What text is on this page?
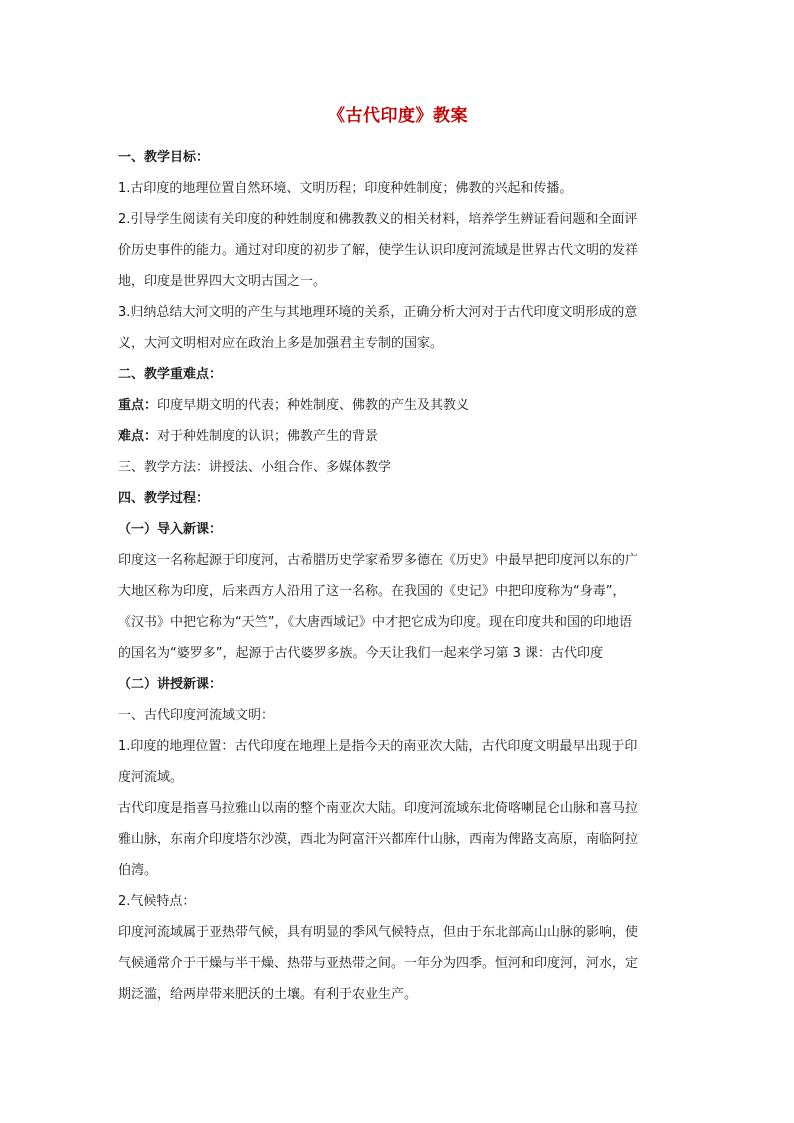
《古代印度》教案

一、教学目标：

1.古印度的地理位置自然环境、文明历程；印度种姓制度；佛教的兴起和传播。

2.引导学生阅读有关印度的种姓制度和佛教教义的相关材料，培养学生辨证看问题和全面评

价历史事件的能力。通过对印度的初步了解，使学生认识印度河流域是世界古代文明的发祥

地，印度是世界四大文明古国之一。

3.归纳总结大河文明的产生与其地理环境的关系，正确分析大河对于古代印度文明形成的意

义，大河文明相对应在政治上多是加强君主专制的国家。

二、教学重难点：

重点：印度早期文明的代表；种姓制度、佛教的产生及其教义

难点：对于种姓制度的认识；佛教产生的背景

三、教学方法：讲授法、小组合作、多媒体教学

四、教学过程：

（一）导入新课：

印度这一名称起源于印度河，古希腊历史学家希罗多德在《历史》中最早把印度河以东的广

大地区称为印度，后来西方人沿用了这一名称。在我国的《史记》中把印度称为“身毒”，

《汉书》中把它称为“天竺”，《大唐西域记》中才把它成为印度。现在印度共和国的印地语

的国名为“婆罗多”，起源于古代婆罗多族。今天让我们一起来学习第 3 课：古代印度

（二）讲授新课：

一、古代印度河流域文明：

1.印度的地理位置：古代印度在地理上是指今天的南亚次大陆，古代印度文明最早出现于印

度河流域。

古代印度是指喜马拉雅山以南的整个南亚次大陆。印度河流域东北倚喀喇昆仑山脉和喜马拉

雅山脉，东南介印度塔尔沙漠，西北为阿富汗兴都库什山脉，西南为俾路支高原，南临阿拉

伯湾。

2.气候特点：

印度河流域属于亚热带气候，具有明显的季风气候特点，但由于东北部高山山脉的影响，使

气候通常介于干燥与半干燥、热带与亚热带之间。一年分为四季。恒河和印度河，河水，定

期泛滥，给两岸带来肥沃的土壤。有利于农业生产。
